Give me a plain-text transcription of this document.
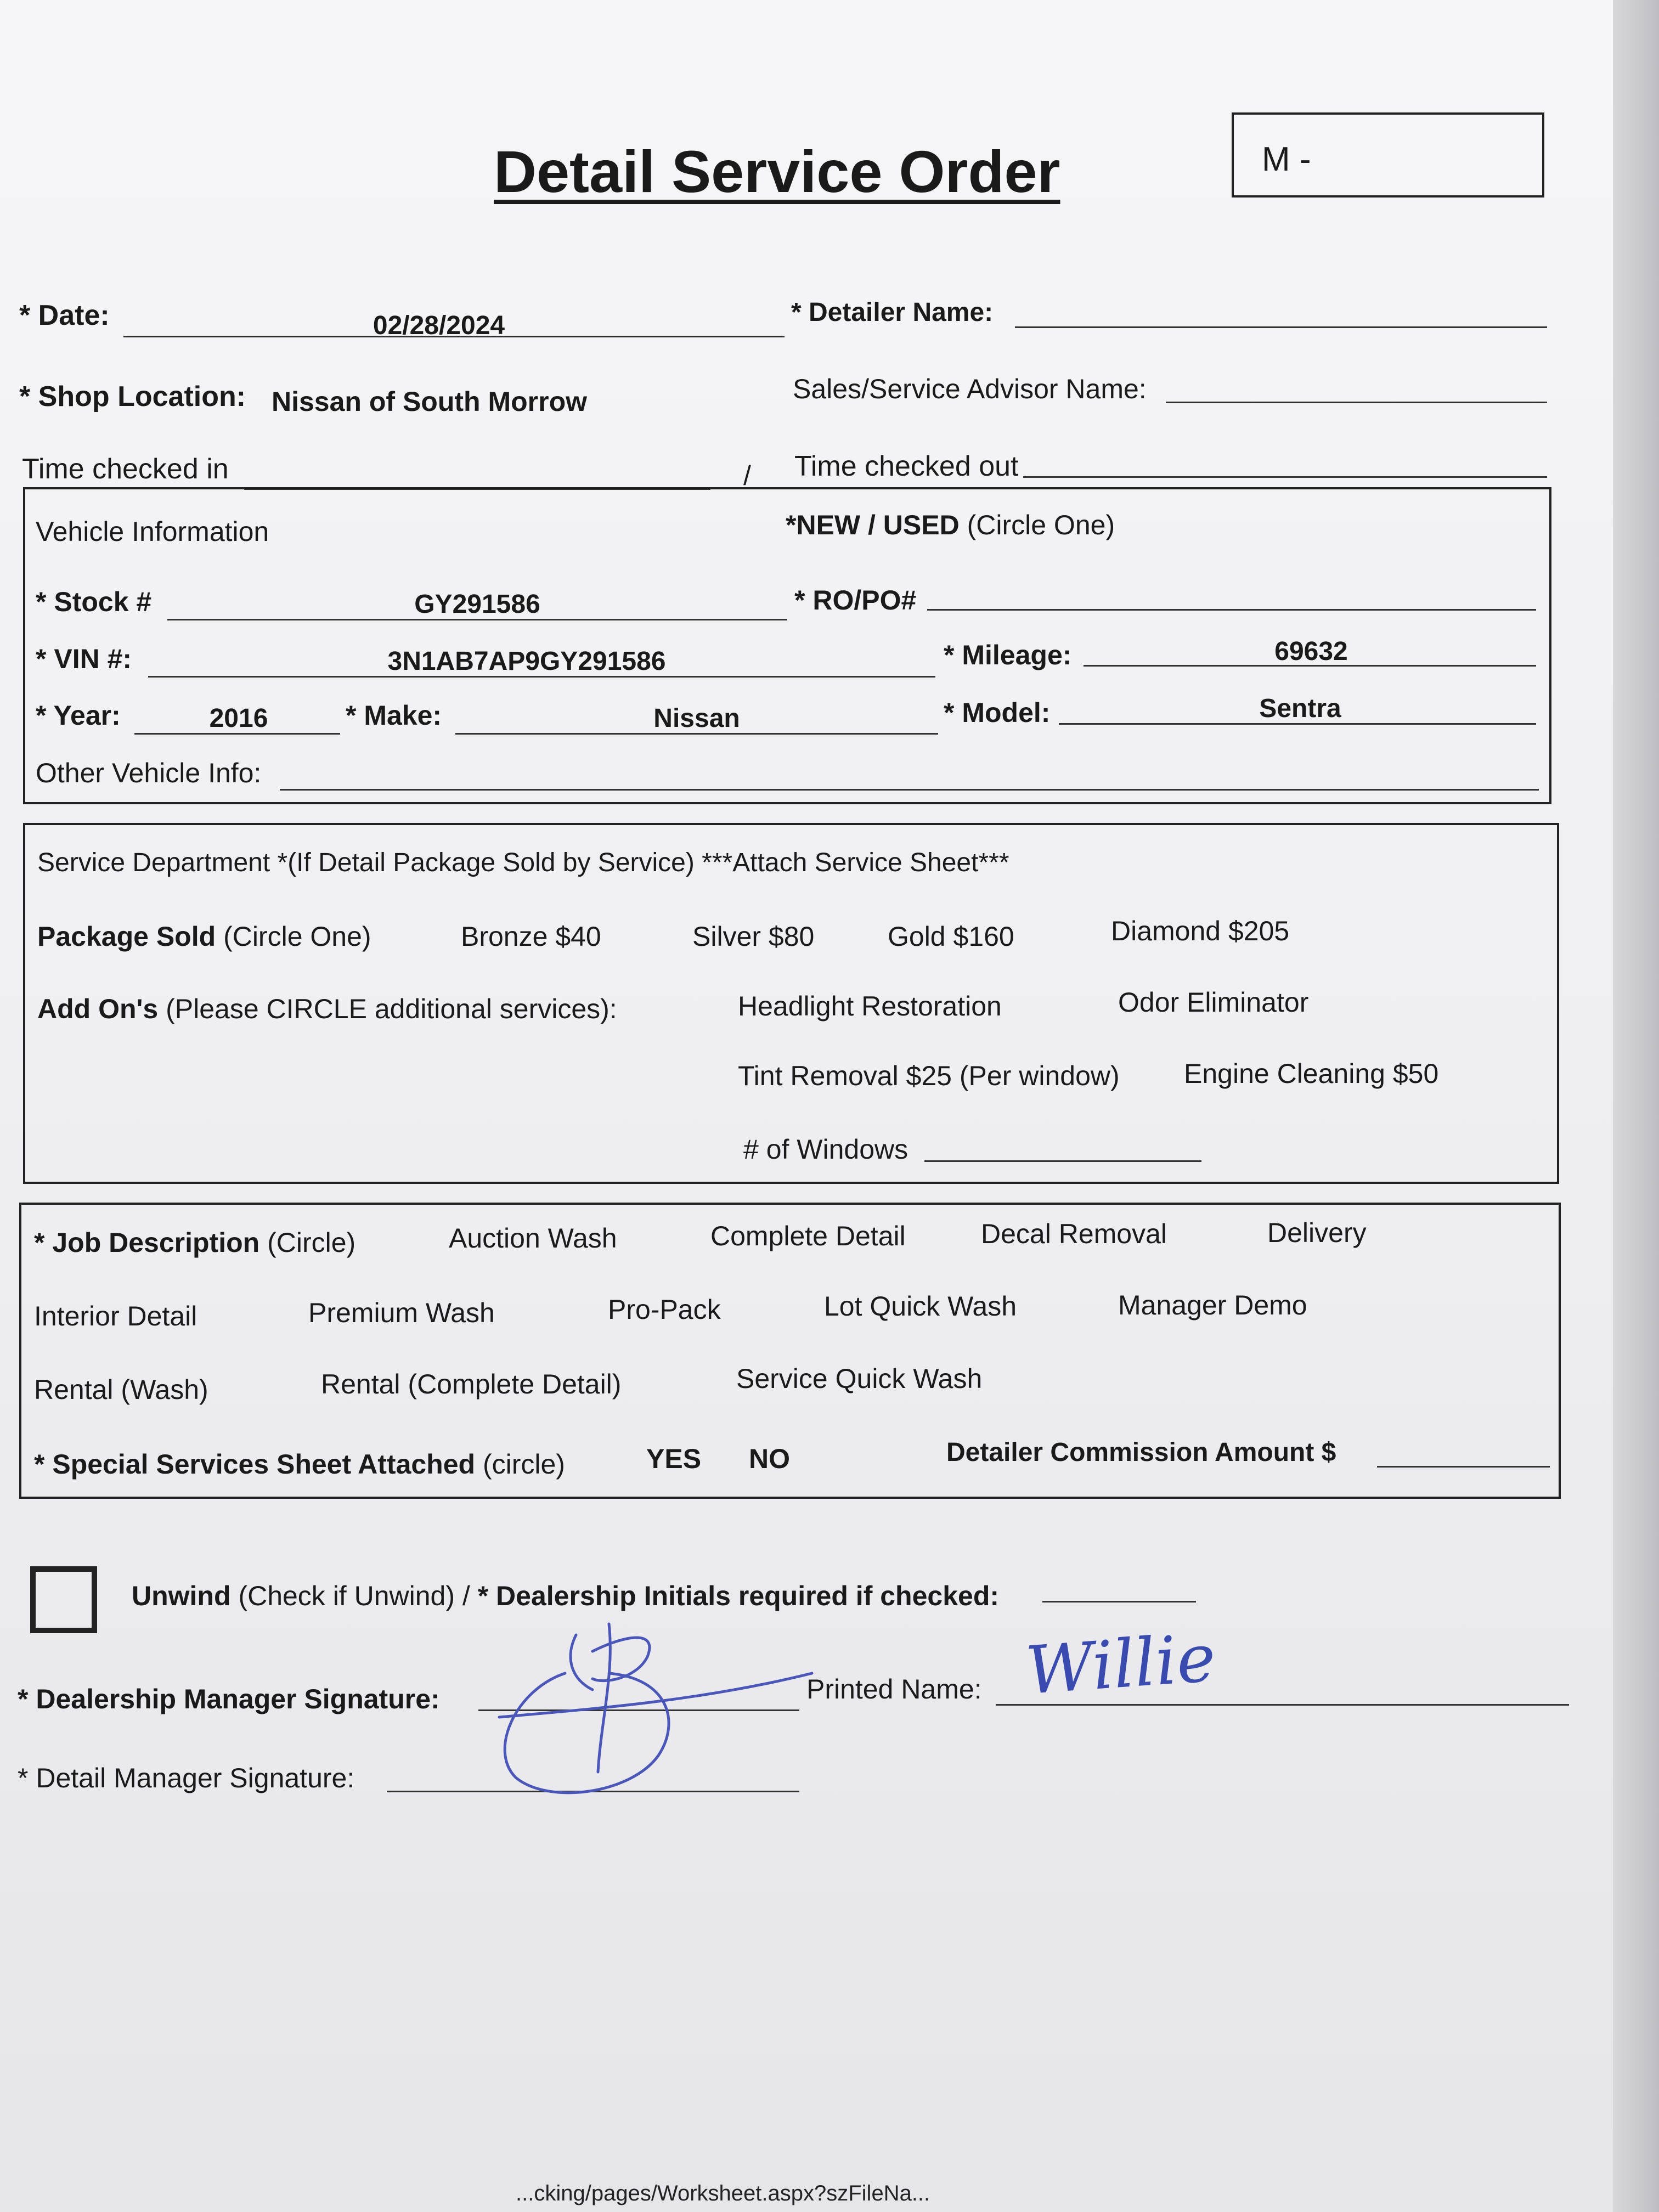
Detail Service Order	M -
* Date:	02/28/2024	* Detailer Name:
* Shop Location: Nissan of South Morrow	Sales/Service Advisor Name:
Time checked in	/ Time checked out
Vehicle Information	*NEW / USED (Circle One)
* Stock #	GY291586	* RO/PO#
* VIN #:	3N1AB7AP9GY291586	* Mileage:	69632
* Year:	2016	* Make:	Nissan	* Model:	Sentra
Other Vehicle Info:
Service Department *(If Detail Package Sold by Service) ***Attach Service Sheet***
Package Sold (Circle One)	Bronze $40	Silver $80	Gold $160	Diamond $205
Add On's (Please CIRCLE additional services):	Headlight Restoration	Odor Eliminator
Tint Removal $25 (Per window) Engine Cleaning $50
# of Windows
* Job Description (Circle)	Auction Wash	Complete Detail	Decal Removal	Delivery
Interior Detail	Premium Wash	Pro-Pack	Lot Quick Wash	Manager Demo
Rental (Wash)	Rental (Complete Detail)	Service Quick Wash
* Special Services Sheet Attached (circle)	YES NO	Detailer Commission Amount $
Unwind (Check if Unwind) / * Dealership Initials required if checked:
* Dealership Manager Signature:	Printed Name: Willie
* Detail Manager Signature:
...cking/pages/Worksheet.aspx?szFileNa...
